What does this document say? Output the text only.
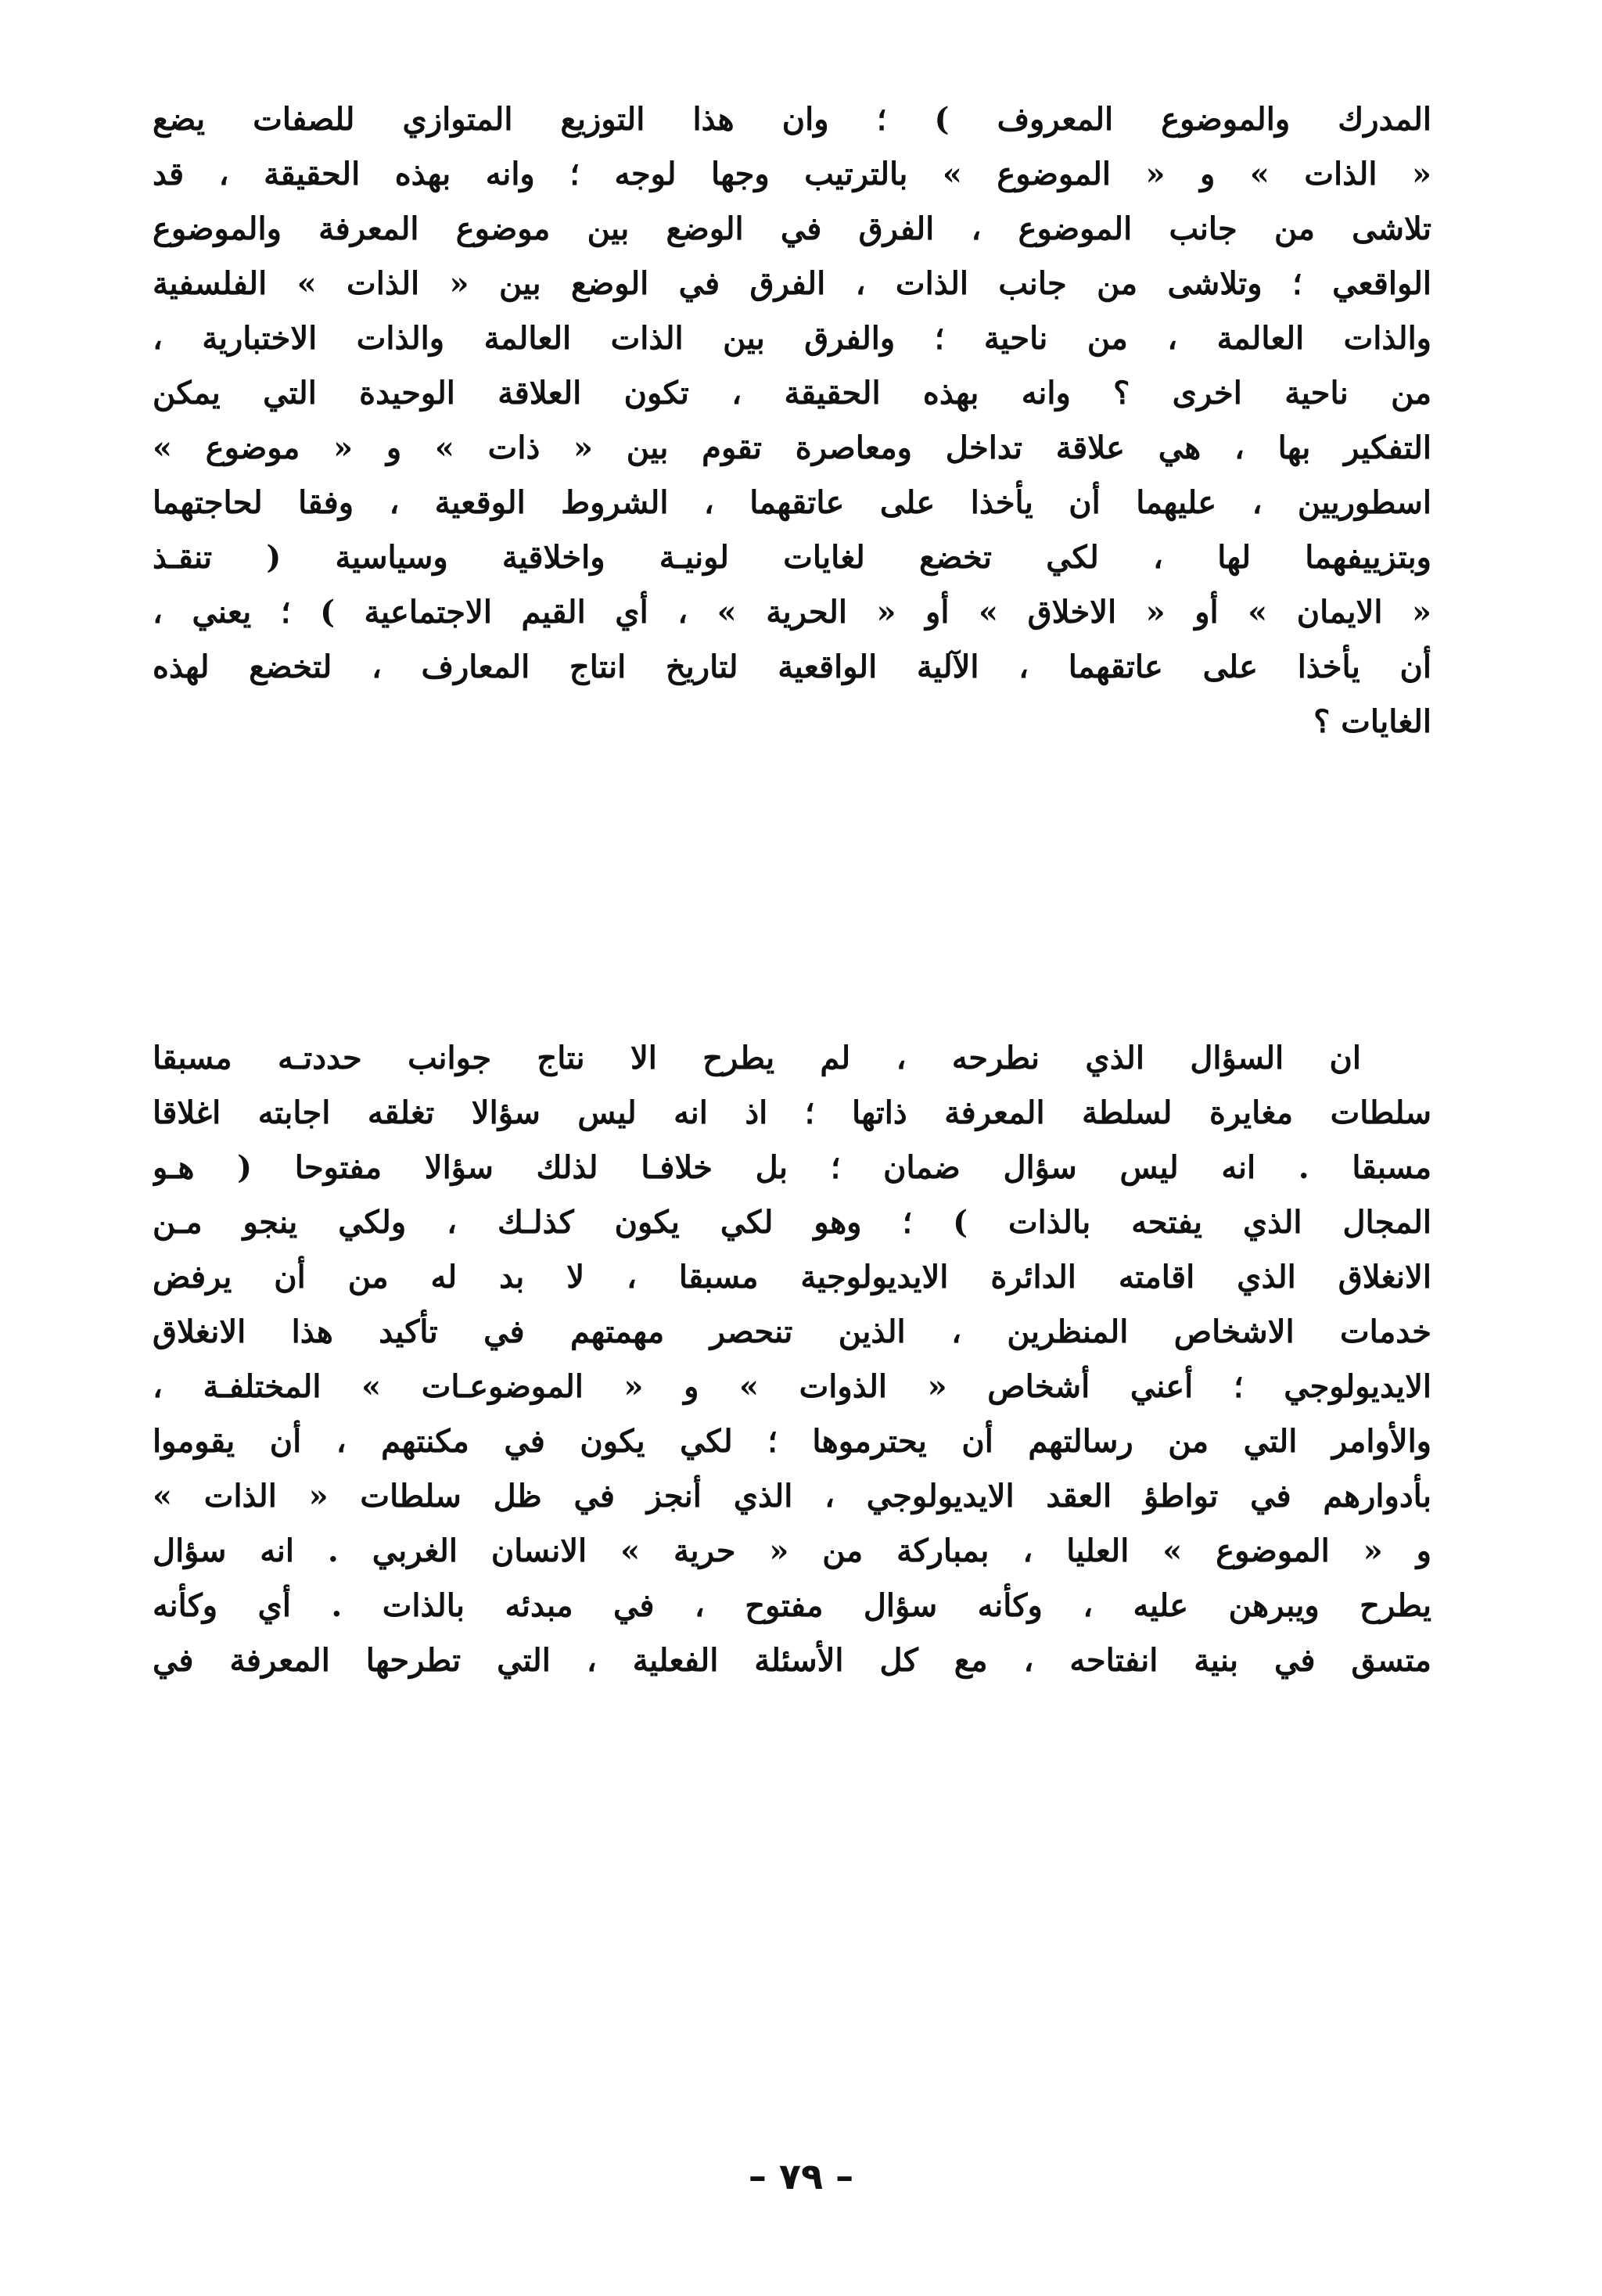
المدرك والموضوع المعروف ) ؛ وان هذا التوزيع المتوازي للصفات يضع
« الذات » و « الموضوع » بالترتيب وجها لوجه ؛ وانه بهذه الحقيقة ، قد
تلاشى من جانب الموضوع ، الفرق في الوضع بين موضوع المعرفة والموضوع
الواقعي ؛ وتلاشى من جانب الذات ، الفرق في الوضع بين « الذات » الفلسفية
والذات العالمة ، من ناحية ؛ والفرق بين الذات العالمة والذات الاختبارية ،
من ناحية اخرى ؟ وانه بهذه الحقيقة ، تكون العلاقة الوحيدة التي يمكن
التفكير بها ، هي علاقة تداخل ومعاصرة تقوم بين « ذات » و « موضوع »
اسطوريين ، عليهما أن يأخذا على عاتقهما ، الشروط الوقعية ، وفقا لحاجتهما
وبتزييفهما لها ، لكي تخضع لغايات لونيـة واخلاقية وسياسية ( تنقـذ
« الايمان » أو « الاخلاق » أو « الحرية » ، أي القيم الاجتماعية ) ؛ يعني ،
أن يأخذا على عاتقهما ، الآلية الواقعية لتاريخ انتاج المعارف ، لتخضع لهذه
الغايات ؟
ان السؤال الذي نطرحه ، لم يطرح الا نتاج جوانب حددتـه مسبقا
سلطات مغايرة لسلطة المعرفة ذاتها ؛ اذ انه ليس سؤالا تغلقه اجابته اغلاقا
مسبقا . انه ليس سؤال ضمان ؛ بل خلافـا لذلك سؤالا مفتوحا ( هـو
المجال الذي يفتحه بالذات ) ؛ وهو لكي يكون كذلـك ، ولكي ينجو مـن
الانغلاق الذي اقامته الدائرة الايديولوجية مسبقا ، لا بد له من أن يرفض
خدمات الاشخاص المنظرين ، الذين تنحصر مهمتهم في تأكيد هذا الانغلاق
الايديولوجي ؛ أعني أشخاص « الذوات » و « الموضوعـات » المختلفـة ،
والأوامر التي من رسالتهم أن يحترموها ؛ لكي يكون في مكنتهم ، أن يقوموا
بأدوارهم في تواطؤ العقد الايديولوجي ، الذي أنجز في ظل سلطات « الذات »
و « الموضوع » العليا ، بمباركة من « حرية » الانسان الغربي . انه سؤال
يطرح ويبرهن عليه ، وكأنه سؤال مفتوح ، في مبدئه بالذات . أي وكأنه
متسق في بنية انفتاحه ، مع كل الأسئلة الفعلية ، التي تطرحها المعرفة في
– ٧٩ –
